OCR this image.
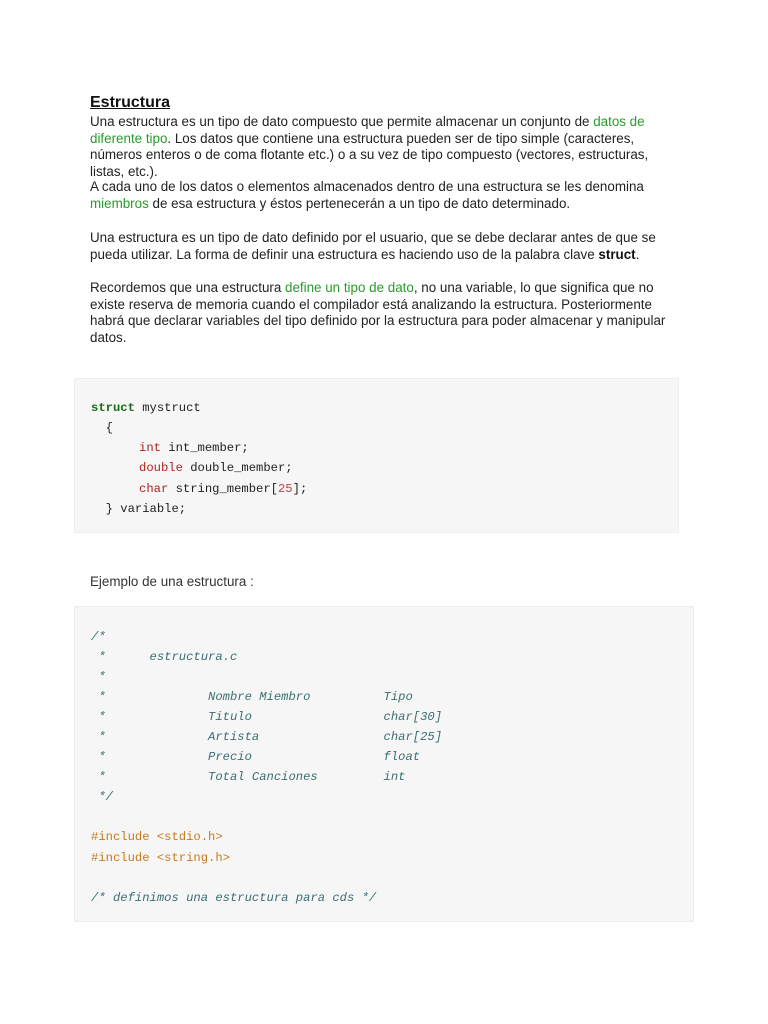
Estructura

Una estructura es un tipo de dato compuesto que permite almacenar un conjunto de datos de diferente tipo. Los datos que contiene una estructura pueden ser de tipo simple (caracteres, números enteros o de coma flotante etc.) o a su vez de tipo compuesto (vectores, estructuras, listas, etc.).

A cada uno de los datos o elementos almacenados dentro de una estructura se les denomina miembros de esa estructura y éstos pertenecerán a un tipo de dato determinado.

Una estructura es un tipo de dato definido por el usuario, que se debe declarar antes de que se pueda utilizar. La forma de definir una estructura es haciendo uso de la palabra clave struct.

Recordemos que una estructura define un tipo de dato, no una variable, lo que significa que no existe reserva de memoria cuando el compilador está analizando la estructura. Posteriormente habrá que declarar variables del tipo definido por la estructura para poder almacenar y manipular datos.

struct mystruct
{
int int_member;
double double_member;
char string_member[25];
} variable;

Ejemplo de una estructura :

/*
*      estructura.c
*
*              Nombre Miembro          Tipo
*              Titulo                  char[30]
*              Artista                 char[25]
*              Precio                  float
*              Total Canciones         int
*/
#include <stdio.h>
#include <string.h>
/* definimos una estructura para cds */
